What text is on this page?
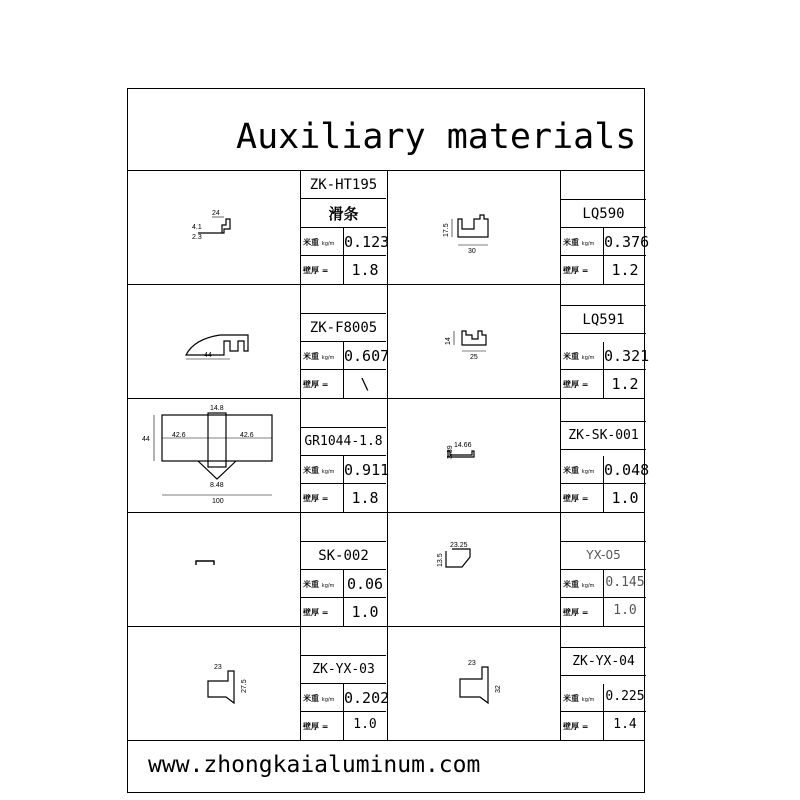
Auxiliary materials
24
4.1
2.3
ZK-HT195
滑条
米重 kg/m 0.123
壁厚 =	1.8
17.5
30
LQ590
米重 kg/m 0.376
壁厚 =	1.2
44
ZK-F8005
米重 kg/m 0.607
壁厚 =	\
14
25
LQ591
米重 kg/m 0.321
壁厚 =	1.2
14.8
42.6	42.6
44
8.48
100
GR1044-1.8
米重 kg/m 0.911
壁厚 =	1.8
14.66
3.39
ZK-SK-001
米重 kg/m 0.048
壁厚 =	1.0
SK-002
米重 kg/m 0.06
壁厚 =	1.0
23.25
13.5	YX-05
米重 kg/m 0.145
壁厚 =	1.0
23
27.5
ZK-YX-03
米重 kg/m 0.202
壁厚 =	1.0
23
32
ZK-YX-04
米重 kg/m 0.225
壁厚 =	1.4
www.zhongkaialuminum.com
